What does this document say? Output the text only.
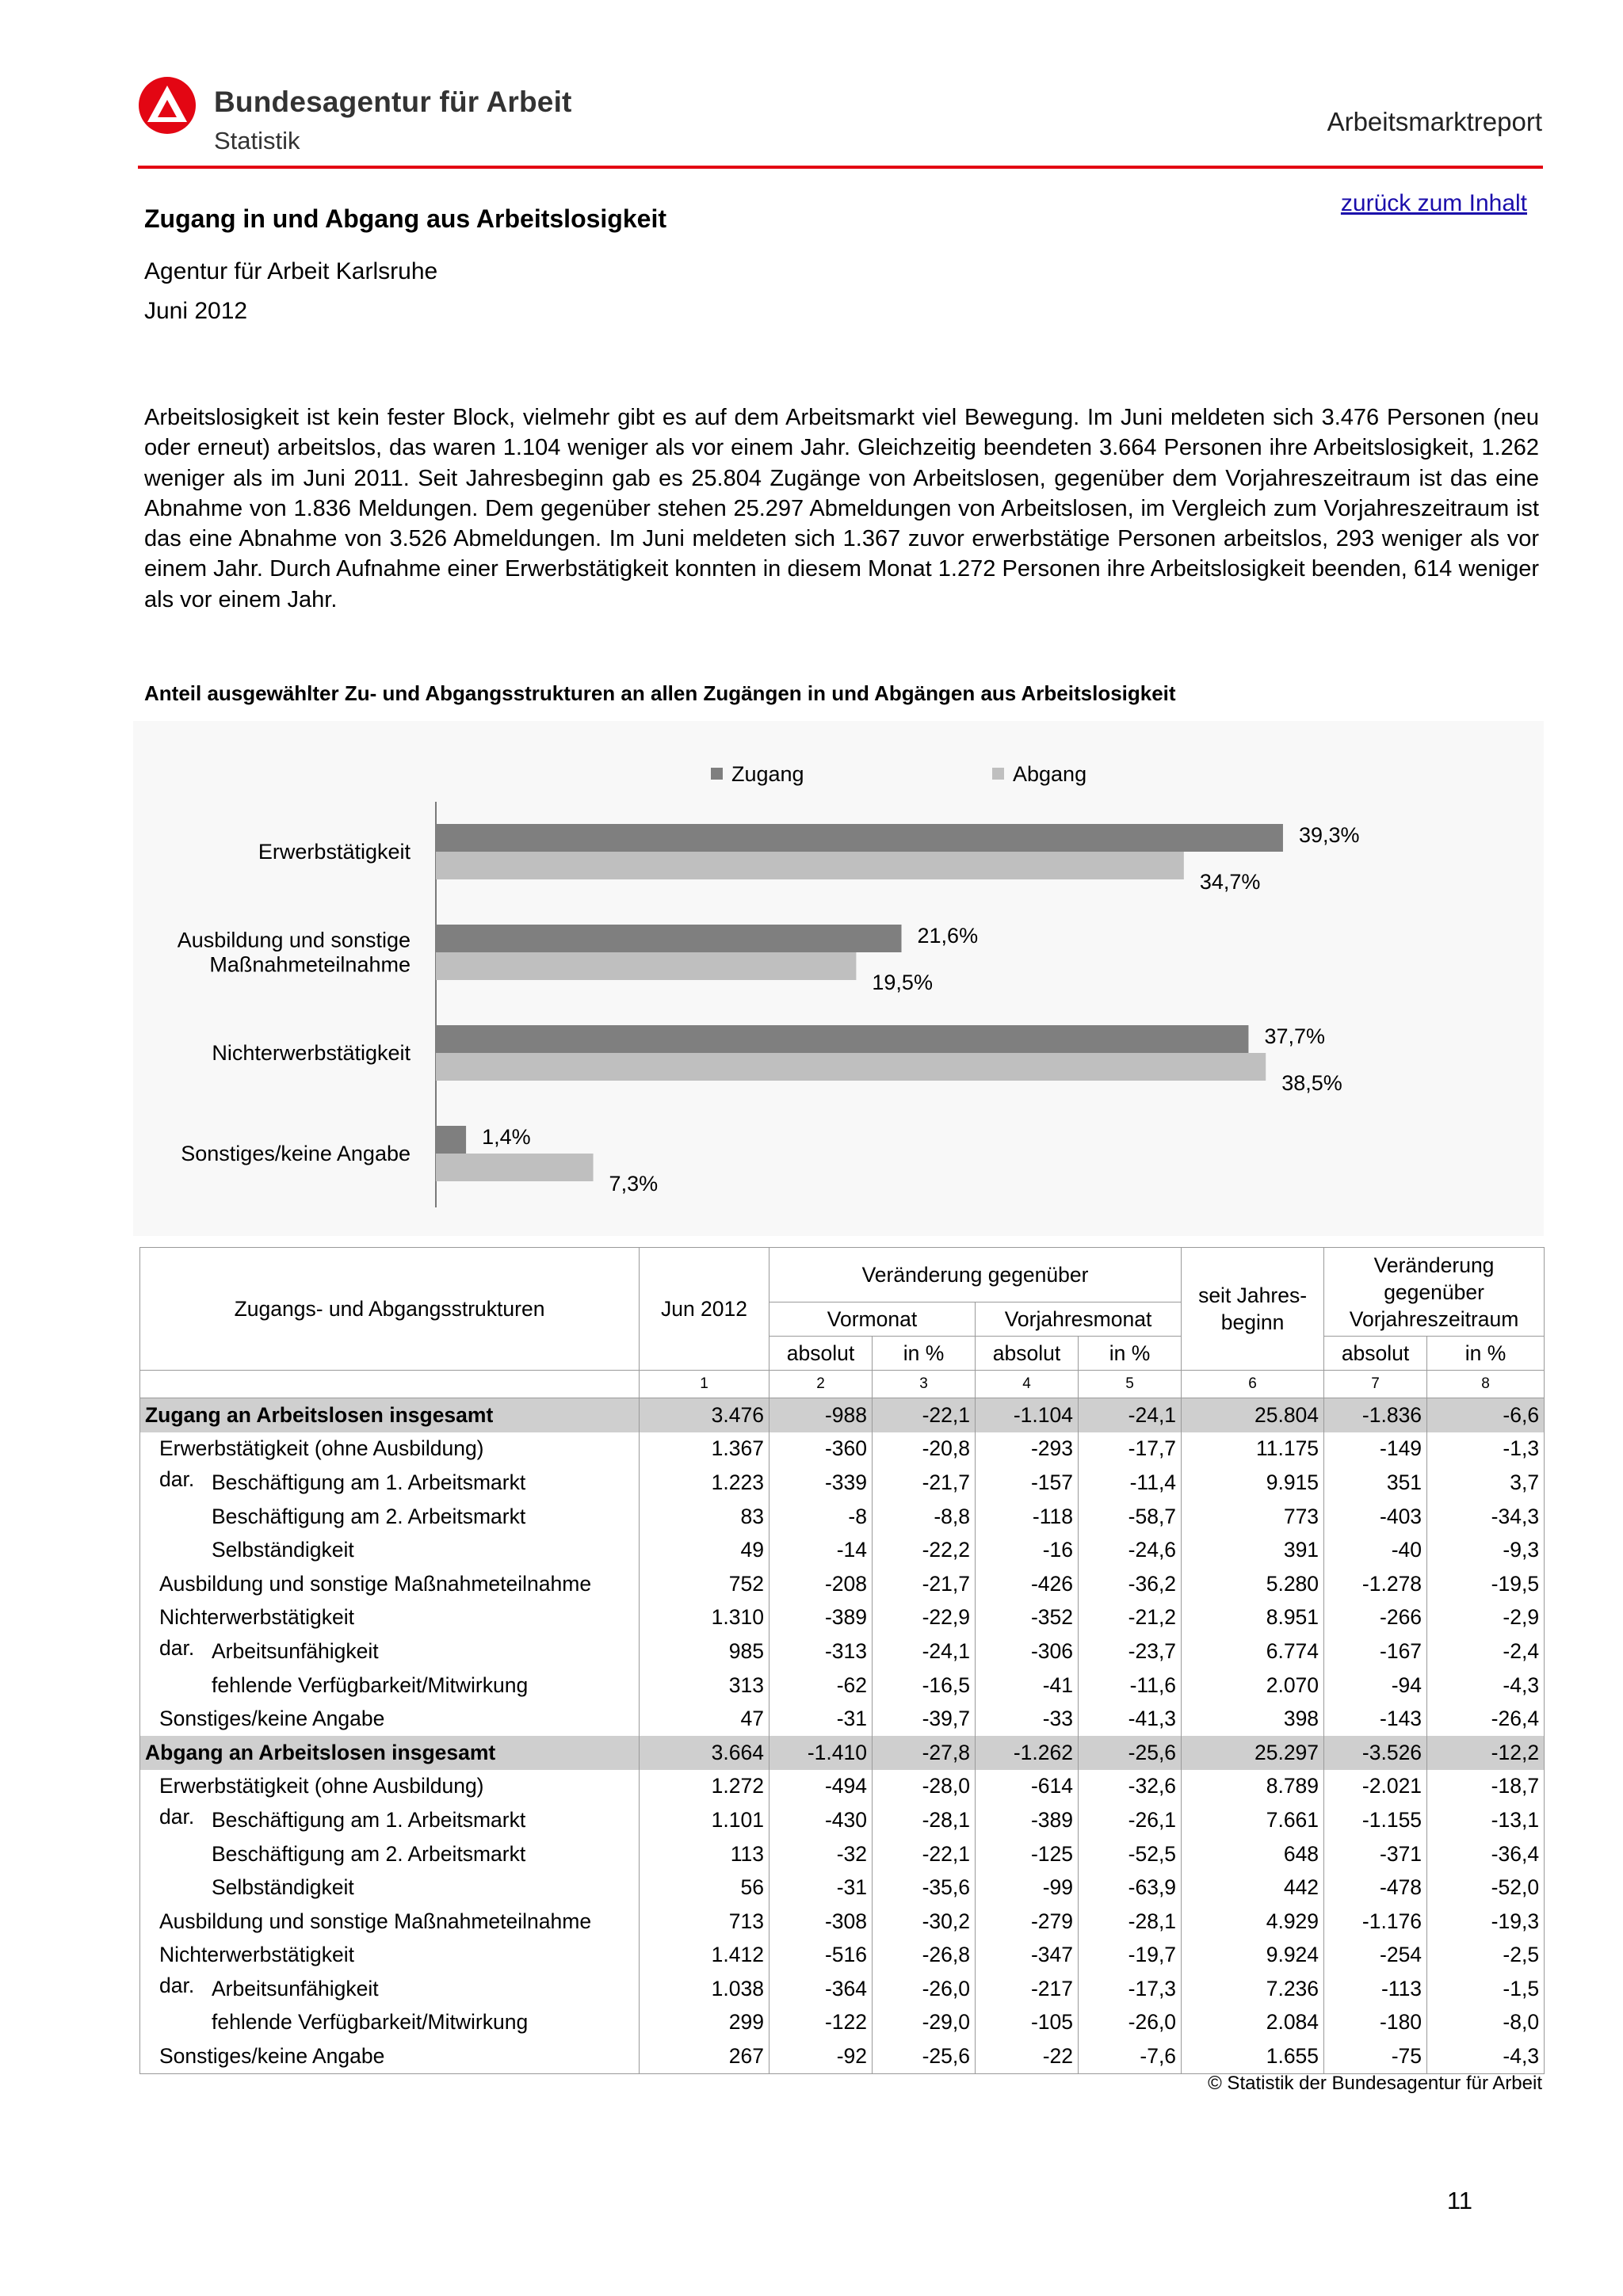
Bundesagentur für Arbeit
Statistik
Arbeitsmarktreport
Zugang in und Abgang aus Arbeitslosigkeit
zurück zum Inhalt
Agentur für Arbeit Karlsruhe
Juni 2012
Arbeitslosigkeit ist kein fester Block, vielmehr gibt es auf dem Arbeitsmarkt viel Bewegung. Im Juni meldeten sich 3.476 Personen (neu oder erneut) arbeitslos, das waren 1.104 weniger als vor einem Jahr. Gleichzeitig beendeten 3.664 Personen ihre Arbeitslosigkeit, 1.262 weniger als im Juni 2011. Seit Jahresbeginn gab es 25.804 Zugänge von Arbeitslosen, gegenüber dem Vorjahreszeitraum ist das eine Abnahme von 1.836 Meldungen. Dem gegenüber stehen 25.297 Abmeldungen von Arbeitslosen, im Vergleich zum Vorjahreszeitraum ist das eine Abnahme von 3.526 Abmeldungen. Im Juni meldeten sich 1.367 zuvor erwerbstätige Personen arbeitslos, 293 weniger als vor einem Jahr. Durch Aufnahme einer Erwerbstätigkeit konnten in diesem Monat 1.272 Personen ihre Arbeitslosigkeit beenden, 614 weniger als vor einem Jahr.
Anteil ausgewählter Zu- und Abgangsstrukturen an allen Zugängen in und Abgängen aus Arbeitslosigkeit
Zugang	Abgang
Erwerbstätigkeit
39,3%
34,7%
Ausbildung und sonstige
Maßnahmeteilnahme
21,6%
19,5%
Nichterwerbstätigkeit
37,7%
38,5%
Sonstiges/keine Angabe
1,4%
7,3%
Zugangs- und Abgangsstrukturen	Jun 2012	Veränderung gegenüber				seit Jahres-
beginn	Veränderung gegenüber Vorjahreszeitraum	
		Vormonat		Vorjahresmonat				
		absolut	in %	absolut	in %		absolut	in %
	1	2	3	4	5	6	7	8
Zugang an Arbeitslosen insgesamt	3.476	-988	-22,1	-1.104	-24,1	25.804	-1.836	-6,6
Erwerbstätigkeit (ohne Ausbildung)	1.367	-360	-20,8	-293	-17,7	11.175	-149	-1,3

dar. Beschäftigung am 1. Arbeitsmarkt	1.223	-339	-21,7	-157	-11,4	9.915	351	3,7
Beschäftigung am 2. Arbeitsmarkt	83	-8	-8,8	-118	-58,7	773	-403	-34,3
Selbständigkeit	49	-14	-22,2	-16	-24,6	391	-40	-9,3
Ausbildung und sonstige Maßnahmeteilnahme	752	-208	-21,7	-426	-36,2	5.280	-1.278	-19,5
Nichterwerbstätigkeit	1.310	-389	-22,9	-352	-21,2	8.951	-266	-2,9

dar. Arbeitsunfähigkeit	985	-313	-24,1	-306	-23,7	6.774	-167	-2,4
fehlende Verfügbarkeit/Mitwirkung	313	-62	-16,5	-41	-11,6	2.070	-94	-4,3
Sonstiges/keine Angabe	47	-31	-39,7	-33	-41,3	398	-143	-26,4
Abgang an Arbeitslosen insgesamt	3.664	-1.410	-27,8	-1.262	-25,6	25.297	-3.526	-12,2
Erwerbstätigkeit (ohne Ausbildung)	1.272	-494	-28,0	-614	-32,6	8.789	-2.021	-18,7

dar. Beschäftigung am 1. Arbeitsmarkt	1.101	-430	-28,1	-389	-26,1	7.661	-1.155	-13,1
Beschäftigung am 2. Arbeitsmarkt	113	-32	-22,1	-125	-52,5	648	-371	-36,4
Selbständigkeit	56	-31	-35,6	-99	-63,9	442	-478	-52,0
Ausbildung und sonstige Maßnahmeteilnahme	713	-308	-30,2	-279	-28,1	4.929	-1.176	-19,3
Nichterwerbstätigkeit	1.412	-516	-26,8	-347	-19,7	9.924	-254	-2,5

dar. Arbeitsunfähigkeit	1.038	-364	-26,0	-217	-17,3	7.236	-113	-1,5
fehlende Verfügbarkeit/Mitwirkung	299	-122	-29,0	-105	-26,0	2.084	-180	-8,0
Sonstiges/keine Angabe	267	-92	-25,6	-22	-7,6	1.655	-75	-4,3
© Statistik der Bundesagentur für Arbeit
11
